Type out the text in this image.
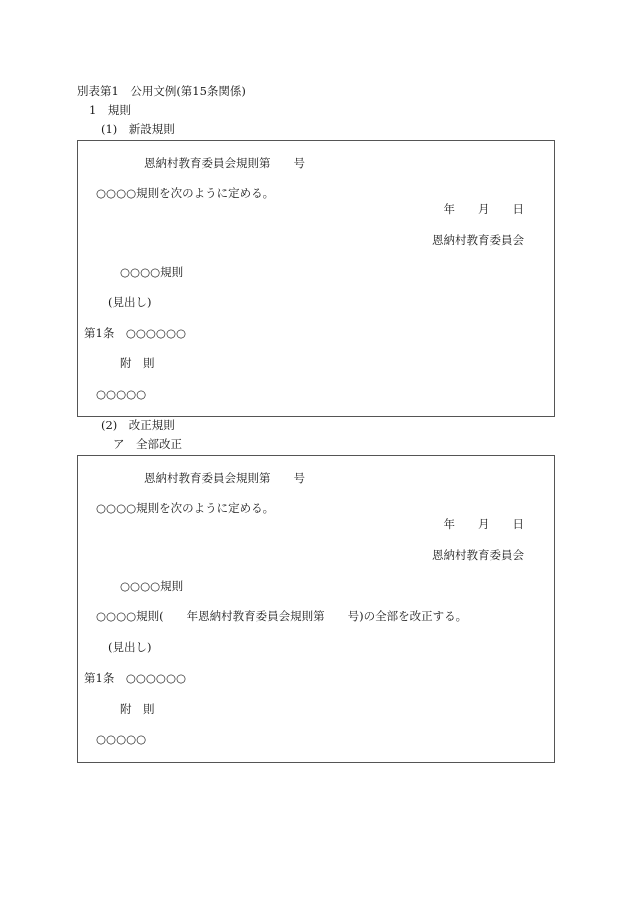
別表第1　公用文例(第15条関係)
1　規則
(1)　新設規則
恩納村教育委員会規則第　　号
○○○○規則を次のように定める。
年　　月　　日
恩納村教育委員会
○○○○規則
(見出し)
第1条　○○○○○○
附　則
○○○○○
(2)　改正規則
ア　全部改正
恩納村教育委員会規則第　　号
○○○○規則を次のように定める。
年　　月　　日
恩納村教育委員会
○○○○規則
○○○○規則(　　年恩納村教育委員会規則第　　号)の全部を改正する。
(見出し)
第1条　○○○○○○
附　則
○○○○○
